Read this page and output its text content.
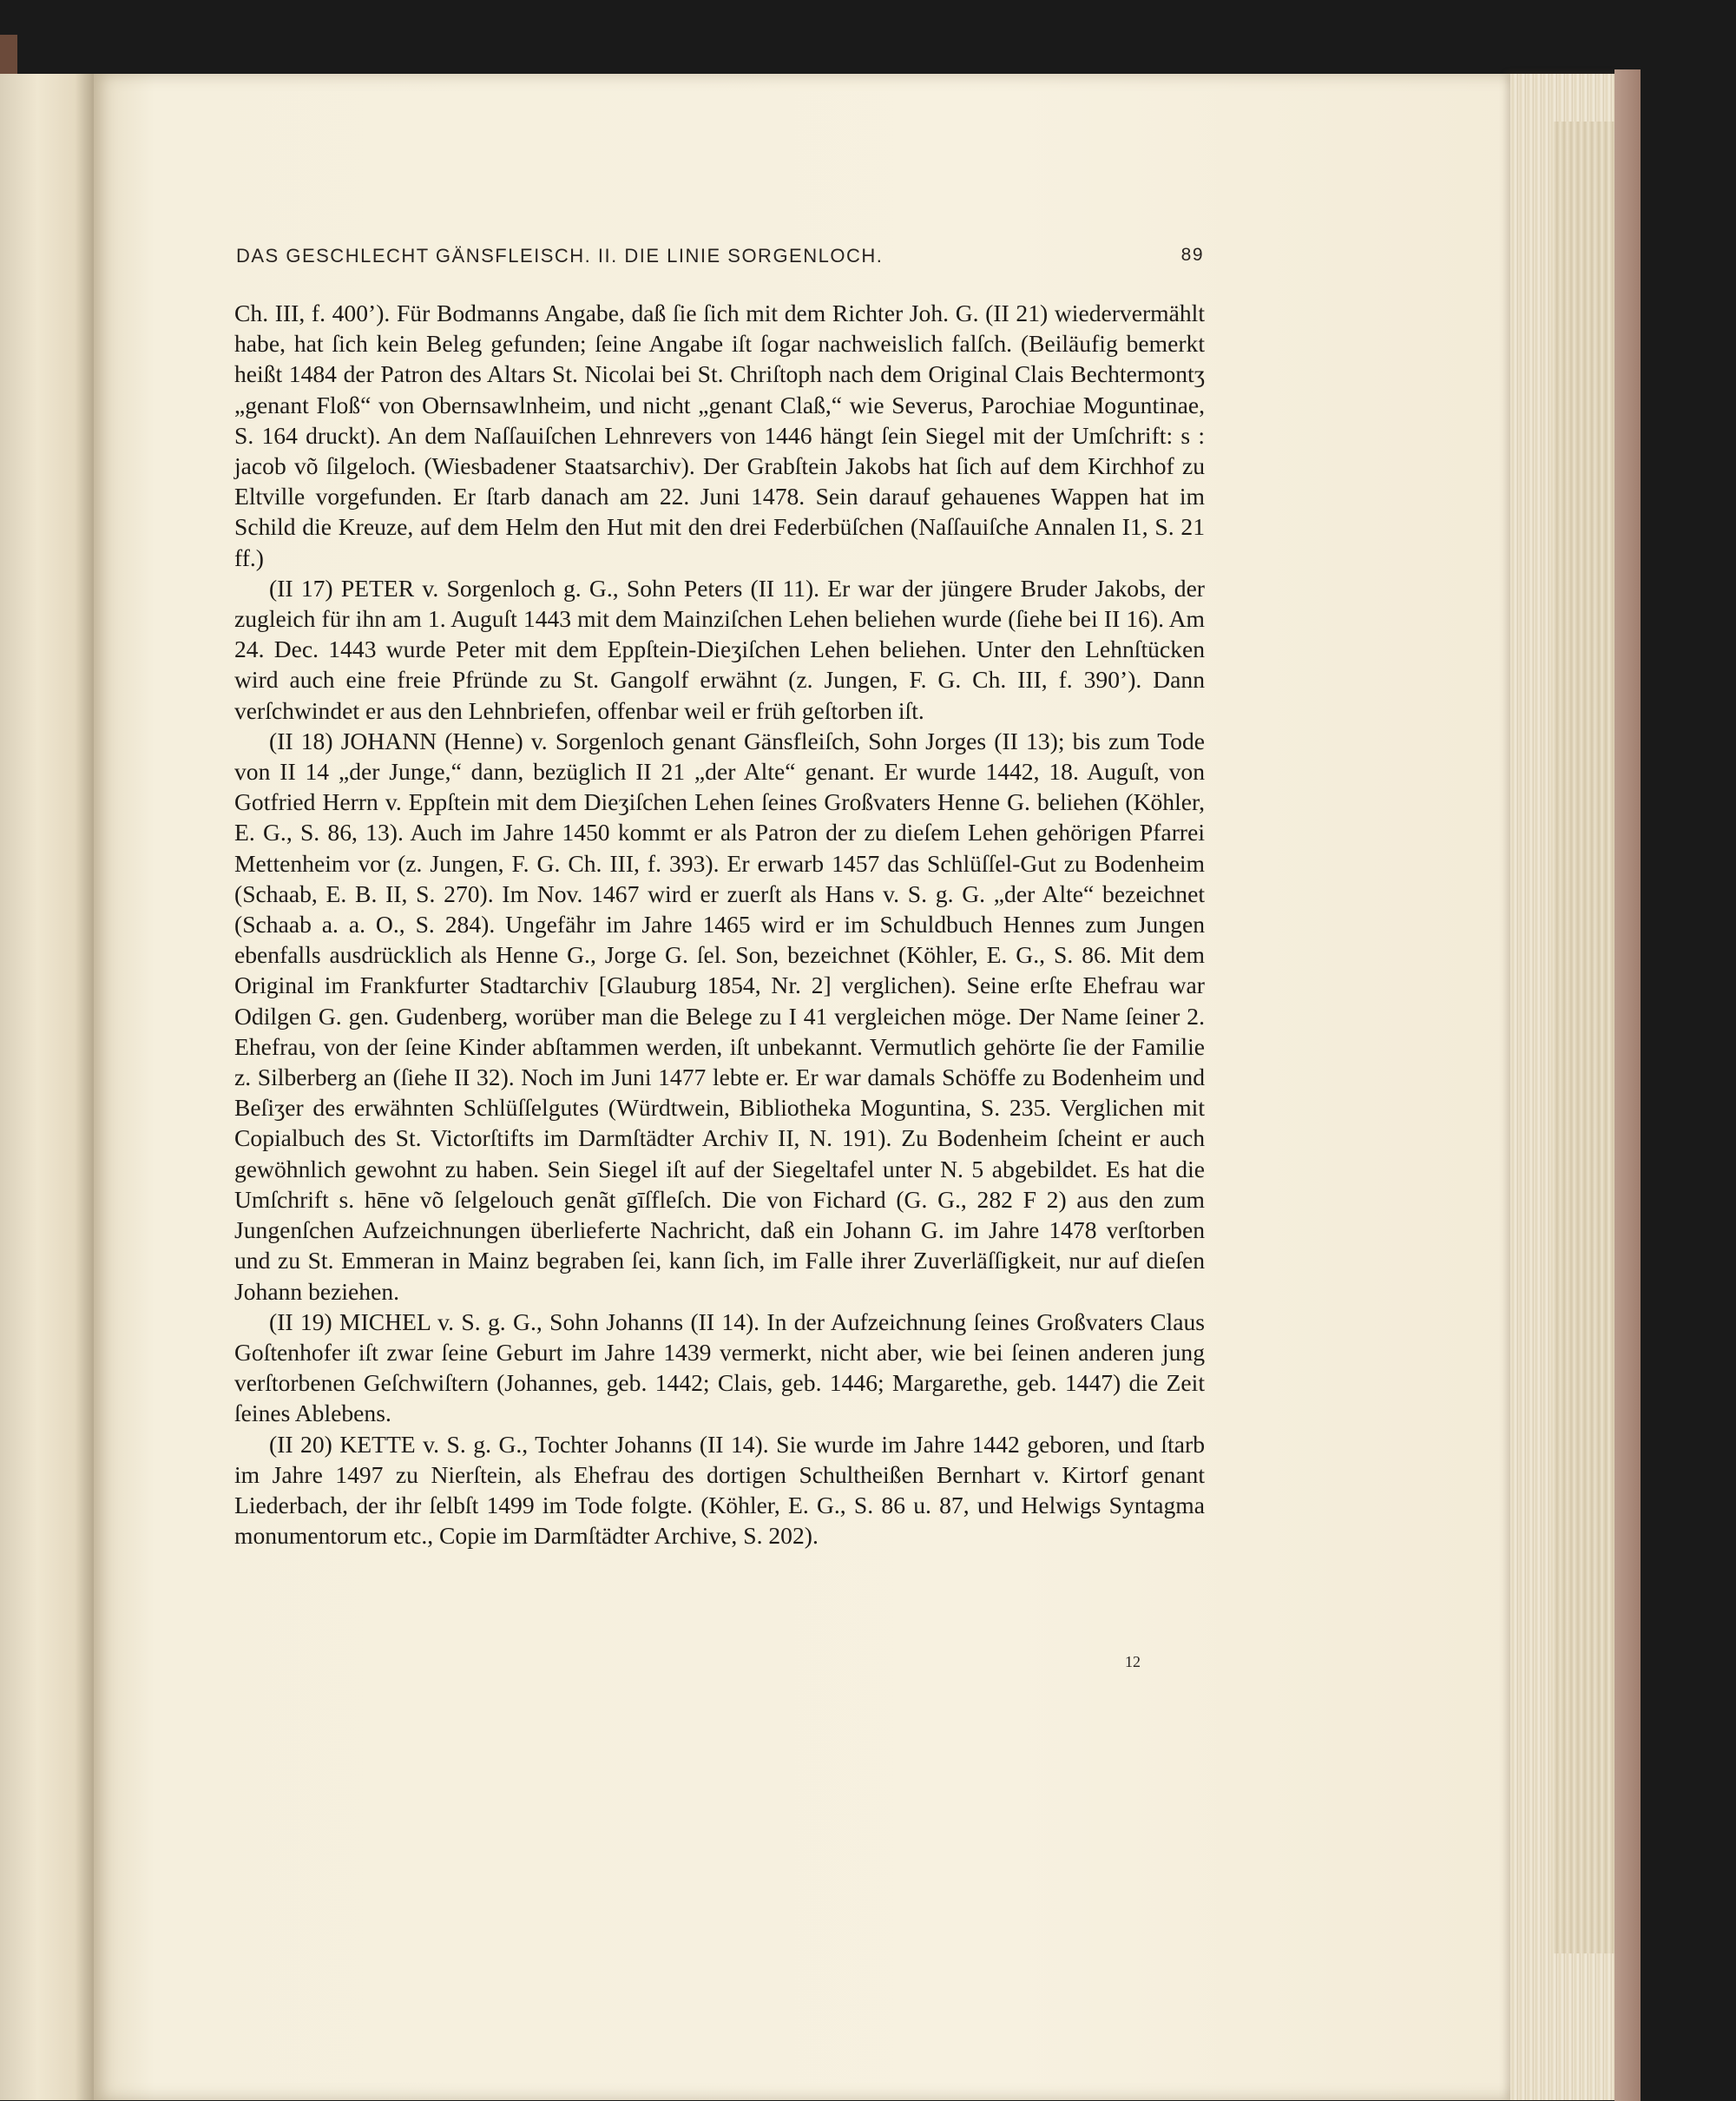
DAS GESCHLECHT GÄNSFLEISCH. II. DIE LINIE SORGENLOCH.	89

Ch. III, f. 400’). Für Bodmanns Angabe, daß ſie ſich mit dem Richter Joh. G. (II 21) wiedervermählt habe, hat ſich kein Beleg gefunden; ſeine Angabe iſt ſogar nachweislich falſch. (Beiläufig bemerkt heißt 1484 der Patron des Altars St. Nicolai bei St. Chriſtoph nach dem Original Clais Bechtermontʒ „genant Floß“ von Obernsawlnheim, und nicht „genant Claß,“ wie Severus, Parochiae Moguntinae, S. 164 druckt). An dem Naſſauiſchen Lehnrevers von 1446 hängt ſein Siegel mit der Umſchrift: s : jacob võ ſilgeloch. (Wiesbadener Staatsarchiv). Der Grabſtein Jakobs hat ſich auf dem Kirchhof zu Eltville vorgefunden. Er ſtarb danach am 22. Juni 1478. Sein darauf gehauenes Wappen hat im Schild die Kreuze, auf dem Helm den Hut mit den drei Federbüſchen (Naſſauiſche Annalen I1, S. 21 ff.)

(II 17) PETER v. Sorgenloch g. G., Sohn Peters (II 11). Er war der jüngere Bruder Jakobs, der zugleich für ihn am 1. Auguſt 1443 mit dem Mainziſchen Lehen beliehen wurde (ſiehe bei II 16). Am 24. Dec. 1443 wurde Peter mit dem Eppſtein-Dieʒiſchen Lehen beliehen. Unter den Lehnſtücken wird auch eine freie Pfründe zu St. Gangolf erwähnt (z. Jungen, F. G. Ch. III, f. 390’). Dann verſchwindet er aus den Lehnbriefen, offenbar weil er früh geſtorben iſt.

(II 18) JOHANN (Henne) v. Sorgenloch genant Gänsfleiſch, Sohn Jorges (II 13); bis zum Tode von II 14 „der Junge,“ dann, bezüglich II 21 „der Alte“ genant. Er wurde 1442, 18. Auguſt, von Gotfried Herrn v. Eppſtein mit dem Dieʒiſchen Lehen ſeines Großvaters Henne G. beliehen (Köhler, E. G., S. 86, 13). Auch im Jahre 1450 kommt er als Patron der zu dieſem Lehen gehörigen Pfarrei Mettenheim vor (z. Jungen, F. G. Ch. III, f. 393). Er erwarb 1457 das Schlüſſel-Gut zu Bodenheim (Schaab, E. B. II, S. 270). Im Nov. 1467 wird er zuerſt als Hans v. S. g. G. „der Alte“ bezeichnet (Schaab a. a. O., S. 284). Ungefähr im Jahre 1465 wird er im Schuldbuch Hennes zum Jungen ebenfalls ausdrücklich als Henne G., Jorge G. ſel. Son, bezeichnet (Köhler, E. G., S. 86. Mit dem Original im Frankfurter Stadtarchiv [Glauburg 1854, Nr. 2] verglichen). Seine erſte Ehefrau war Odilgen G. gen. Gudenberg, worüber man die Belege zu I 41 vergleichen möge. Der Name ſeiner 2. Ehefrau, von der ſeine Kinder abſtammen werden, iſt unbekannt. Vermutlich gehörte ſie der Familie z. Silberberg an (ſiehe II 32). Noch im Juni 1477 lebte er. Er war damals Schöffe zu Bodenheim und Beſiʒer des erwähnten Schlüſſelgutes (Würdtwein, Bibliotheka Moguntina, S. 235. Verglichen mit Copialbuch des St. Victorſtifts im Darmſtädter Archiv II, N. 191). Zu Bodenheim ſcheint er auch gewöhnlich gewohnt zu haben. Sein Siegel iſt auf der Siegeltafel unter N. 5 abgebildet. Es hat die Umſchrift s. hēne võ ſelgelouch genãt gīſfleſch. Die von Fichard (G. G., 282 F 2) aus den zum Jungenſchen Aufzeichnungen überlieferte Nachricht, daß ein Johann G. im Jahre 1478 verſtorben und zu St. Emmeran in Mainz begraben ſei, kann ſich, im Falle ihrer Zuverläſſigkeit, nur auf dieſen Johann beziehen.

(II 19) MICHEL v. S. g. G., Sohn Johanns (II 14). In der Aufzeichnung ſeines Großvaters Claus Goſtenhofer iſt zwar ſeine Geburt im Jahre 1439 vermerkt, nicht aber, wie bei ſeinen anderen jung verſtorbenen Geſchwiſtern (Johannes, geb. 1442; Clais, geb. 1446; Margarethe, geb. 1447) die Zeit ſeines Ablebens.

(II 20) KETTE v. S. g. G., Tochter Johanns (II 14). Sie wurde im Jahre 1442 geboren, und ſtarb im Jahre 1497 zu Nierſtein, als Ehefrau des dortigen Schultheißen Bernhart v. Kirtorf genant Liederbach, der ihr ſelbſt 1499 im Tode folgte. (Köhler, E. G., S. 86 u. 87, und Helwigs Syntagma monumentorum etc., Copie im Darmſtädter Archive, S. 202).

12
